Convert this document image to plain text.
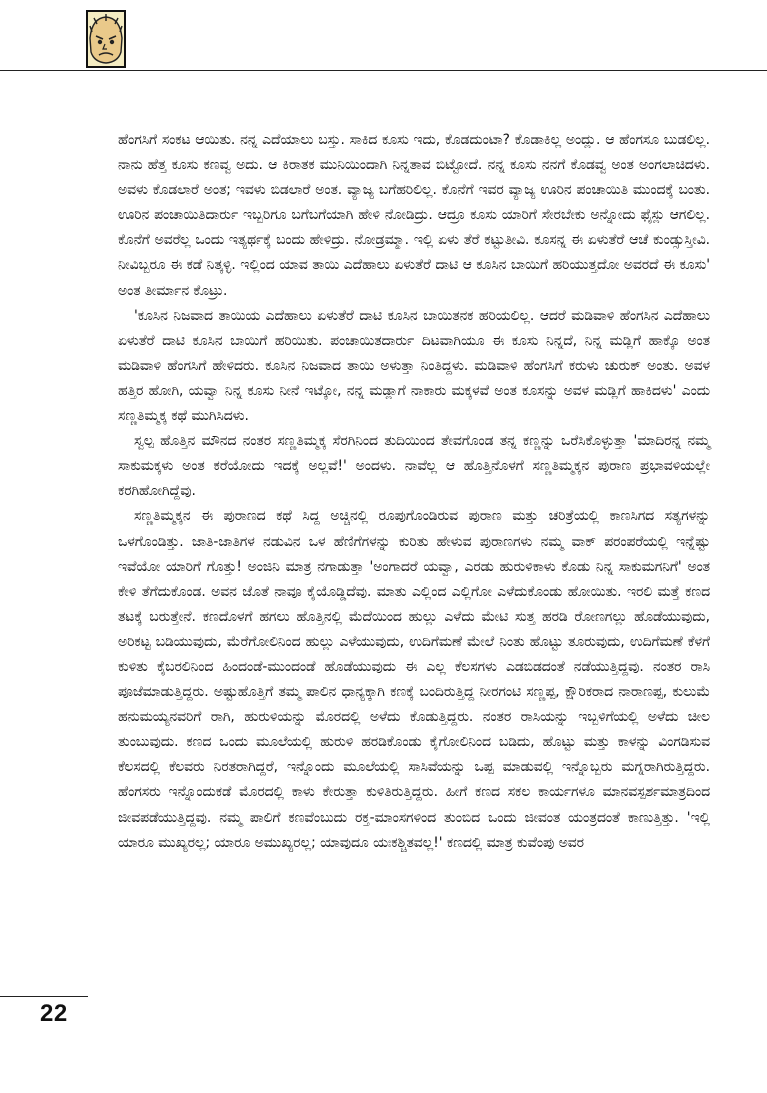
ಹೆಂಗಸಿಗೆ ಸಂಕಟ ಆಯಿತು. ನನ್ನ ಎದೆಯಾಲು ಬಸ್ತು. ಸಾಕಿದ ಕೂಸು ಇದು, ಕೊಡದುಂಟಾ? ಕೊಡಾಕಿಲ್ಲ ಅಂದ್ಲು. ಆ ಹೆಂಗಸೂ ಬುಡಲಿಲ್ಲ. ನಾನು ಹೆತ್ತ ಕೂಸು ಕಣವ್ವ ಅದು. ಆ ಕಿರಾತಕ ಮುನಿಯಿಂದಾಗಿ ನಿನ್ನತಾವ ಬಿಟ್ಟೋದೆ. ನನ್ನ ಕೂಸು ನನಗೆ ಕೊಡವ್ವ ಅಂತ ಅಂಗಲಾಚಿದಳು. ಅವಳು ಕೊಡಲಾರೆ ಅಂತ; ಇವಳು ಬಿಡಲಾರೆ ಅಂತ. ವ್ಯಾಜ್ಯ ಬಗೆಹರಿಲಿಲ್ಲ. ಕೊನೆಗೆ ಇವರ ವ್ಯಾಜ್ಯ ಊರಿನ ಪಂಚಾಯಿತಿ ಮುಂದಕ್ಕೆ ಬಂತು. ಊರಿನ ಪಂಚಾಯಿತಿದಾರ್ರು ಇಬ್ಬರಿಗೂ ಬಗೆಬಗೆಯಾಗಿ ಹೇಳಿ ನೋಡಿದ್ರು. ಆದ್ರೂ ಕೂಸು ಯಾರಿಗೆ ಸೇರಬೇಕು ಅನ್ನೋದು ಫೈಸ್ಲು ಆಗಲಿಲ್ಲ. ಕೊನೆಗೆ ಅವರೆಲ್ಲ ಒಂದು ಇತ್ಯರ್ಥಕ್ಕೆ ಬಂದು ಹೇಳಿದ್ರು. ನೋಡ್ರಮ್ಮಾ. ಇಲ್ಲಿ ಏಳು ತೆರೆ ಕಟ್ಟುತೀವಿ. ಕೂಸನ್ನ ಈ ಏಳುತೆರೆ ಆಚೆ ಕುಂಡ್ಸುಸ್ತೀವಿ. ನೀವಿಬ್ಬರೂ ಈ ಕಡೆ ನಿತ್ಕಳ್ಳಿ. ಇಲ್ಲಿಂದ ಯಾವ ತಾಯಿ ಎದೆಹಾಲು ಏಳುತೆರೆ ದಾಟಿ ಆ ಕೂಸಿನ ಬಾಯಿಗೆ ಹರಿಯುತ್ತದೋ ಅವರದೆ ಈ ಕೂಸು' ಅಂತ ತೀರ್ಮಾನ ಕೊಟ್ರು.

'ಕೂಸಿನ ನಿಜವಾದ ತಾಯಿಯ ಎದೆಹಾಲು ಏಳುತೆರೆ ದಾಟಿ ಕೂಸಿನ ಬಾಯಿತನಕ ಹರಿಯಲಿಲ್ಲ. ಆದರೆ ಮಡಿವಾಳಿ ಹೆಂಗಸಿನ ಎದೆಹಾಲು ಏಳುತೆರೆ ದಾಟಿ ಕೂಸಿನ ಬಾಯಿಗೆ ಹರಿಯಿತು. ಪಂಚಾಯಿತದಾರ್ರು ದಿಟವಾಗಿಯೂ ಈ ಕೂಸು ನಿನ್ನದೆ, ನಿನ್ನ ಮಡ್ಲಿಗೆ ಹಾಕ್ಕೊ ಅಂತ ಮಡಿವಾಳಿ ಹೆಂಗಸಿಗೆ ಹೇಳಿದರು. ಕೂಸಿನ ನಿಜವಾದ ತಾಯಿ ಅಳುತ್ತಾ ನಿಂತಿದ್ದಳು. ಮಡಿವಾಳಿ ಹೆಂಗಸಿಗೆ ಕರುಳು ಚುರುಕ್ ಅಂತು. ಅವಳ ಹತ್ತಿರ ಹೋಗಿ, ಯವ್ವಾ ನಿನ್ನ ಕೂಸು ನೀನೆ ಇಟ್ಕೋ, ನನ್ನ ಮಡ್ಲಾಗೆ ನಾಕಾರು ಮಕ್ಕಳವೆ ಅಂತ ಕೂಸನ್ನು ಅವಳ ಮಡ್ಲಿಗೆ ಹಾಕಿದಳು' ಎಂದು ಸಣ್ಣತಿಮ್ಮಕ್ಕ ಕಥೆ ಮುಗಿಸಿದಳು.

ಸ್ವಲ್ಪ ಹೊತ್ತಿನ ಮೌನದ ನಂತರ ಸಣ್ಣತಿಮ್ಮಕ್ಕ ಸೆರಗಿನಿಂದ ತುದಿಯಿಂದ ತೇವಗೊಂಡ ತನ್ನ ಕಣ್ಣನ್ನು ಒರೆಸಿಕೊಳ್ಳುತ್ತಾ 'ಮಾದಿರನ್ನ ನಮ್ಮ ಸಾಕುಮಕ್ಕಳು ಅಂತ ಕರೆಯೋದು ಇದಕ್ಕೆ ಅಲ್ಲವೆ!' ಅಂದಳು. ನಾವೆಲ್ಲ ಆ ಹೊತ್ತಿನೊಳಗೆ ಸಣ್ಣತಿಮ್ಮಕ್ಕನ ಪುರಾಣ ಪ್ರಭಾವಳಿಯಲ್ಲೇ ಕರಗಿಹೋಗಿದ್ದೆವು.

ಸಣ್ಣತಿಮ್ಮಕ್ಕನ ಈ ಪುರಾಣದ ಕಥೆ ಸಿದ್ದ ಅಚ್ಚಿನಲ್ಲಿ ರೂಪುಗೊಂಡಿರುವ ಪುರಾಣ ಮತ್ತು ಚರಿತ್ರೆಯಲ್ಲಿ ಕಾಣಸಿಗದ ಸತ್ಯಗಳನ್ನು ಒಳಗೊಂಡಿತ್ತು. ಜಾತಿ-ಜಾತಿಗಳ ನಡುವಿನ ಒಳ ಹೆಣಿಗೆಗಳನ್ನು ಕುರಿತು ಹೇಳುವ ಪುರಾಣಗಳು ನಮ್ಮ ವಾಕ್ ಪರಂಪರೆಯಲ್ಲಿ ಇನ್ನೆಷ್ಟು ಇವೆಯೋ ಯಾರಿಗೆ ಗೊತ್ತು! ಅಂಜಿನಿ ಮಾತ್ರ ನಗಾಡುತ್ತಾ 'ಅಂಗಾದರೆ ಯವ್ವಾ, ಎರಡು ಹುರುಳಿಕಾಳು ಕೊಡು ನಿನ್ನ ಸಾಕುಮಗನಿಗೆ' ಅಂತ ಕೇಳಿ ತೆಗೆದುಕೊಂಡ. ಅವನ ಜೊತೆ ನಾವೂ ಕೈಯೊಡ್ಡಿದೆವು. ಮಾತು ಎಲ್ಲಿಂದ ಎಲ್ಲಿಗೋ ಎಳೆದುಕೊಂಡು ಹೋಯಿತು. ಇರಲಿ ಮತ್ತೆ ಕಣದ ತಟಕ್ಕೆ ಬರುತ್ತೇನೆ. ಕಣದೊಳಗೆ ಹಗಲು ಹೊತ್ತಿನಲ್ಲಿ ಮೆದೆಯಿಂದ ಹುಲ್ಲು ಎಳೆದು ಮೇಟಿ ಸುತ್ತ ಹರಡಿ ರೋಣಗಲ್ಲು ಹೊಡೆಯುವುದು, ಅರಿಕಟ್ಟ ಬಡಿಯುವುದು, ಮೆರೆಗೋಲಿನಿಂದ ಹುಲ್ಲು ಎಳೆಯುವುದು, ಉದಿಗೆಮಣೆ ಮೇಲೆ ನಿಂತು ಹೊಟ್ಟು ತೂರುವುದು, ಉದಿಗೆಮಣೆ ಕೆಳಗೆ ಕುಳಿತು ಕೈಬರಲಿನಿಂದ ಹಿಂದಂಡೆ-ಮುಂದಂಡೆ ಹೊಡೆಯುವುದು ಈ ಎಲ್ಲ ಕೆಲಸಗಳು ಎಡಬಿಡದಂತೆ ನಡೆಯುತ್ತಿದ್ದವು. ನಂತರ ರಾಸಿ ಪೂಜೆಮಾಡುತ್ತಿದ್ದರು. ಅಷ್ಟುಹೊತ್ತಿಗೆ ತಮ್ಮ ಪಾಲಿನ ಧಾನ್ಯಕ್ಕಾಗಿ ಕಣಕ್ಕೆ ಬಂದಿರುತ್ತಿದ್ದ ನೀರಗಂಟಿ ಸಣ್ಣಪ್ಪ, ಕ್ಷೌರಿಕರಾದ ನಾರಾಣಪ್ಪ, ಕುಲುಮೆ ಹನುಮಯ್ಯನವರಿಗೆ ರಾಗಿ, ಹುರುಳಿಯನ್ನು ಮೊರದಲ್ಲಿ ಅಳೆದು ಕೊಡುತ್ತಿದ್ದರು. ನಂತರ ರಾಸಿಯನ್ನು ಇಬ್ಬಳಿಗೆಯಲ್ಲಿ ಅಳೆದು ಚೀಲ ತುಂಬುವುದು. ಕಣದ ಒಂದು ಮೂಲೆಯಲ್ಲಿ ಹುರುಳಿ ಹರಡಿಕೊಂಡು ಕೈಗೋಲಿನಿಂದ ಬಡಿದು, ಹೊಟ್ಟು ಮತ್ತು ಕಾಳನ್ನು ವಿಂಗಡಿಸುವ ಕೆಲಸದಲ್ಲಿ ಕೆಲವರು ನಿರತರಾಗಿದ್ದರೆ, ಇನ್ನೊಂದು ಮೂಲೆಯಲ್ಲಿ ಸಾಸಿವೆಯನ್ನು ಒಪ್ಪ ಮಾಡುವಲ್ಲಿ ಇನ್ನೊಬ್ಬರು ಮಗ್ನರಾಗಿರುತ್ತಿದ್ದರು. ಹೆಂಗಸರು ಇನ್ನೊಂದುಕಡೆ ಮೊರದಲ್ಲಿ ಕಾಳು ಕೇರುತ್ತಾ ಕುಳಿತಿರುತ್ತಿದ್ದರು. ಹೀಗೆ ಕಣದ ಸಕಲ ಕಾರ್ಯಗಳೂ ಮಾನವಸ್ಪರ್ಶಮಾತ್ರದಿಂದ ಜೀವಪಡೆಯುತ್ತಿದ್ದವು. ನಮ್ಮ ಪಾಲಿಗೆ ಕಣವೆಂಬುದು ರಕ್ತ-ಮಾಂಸಗಳಿಂದ ತುಂಬಿದ ಒಂದು ಜೀವಂತ ಯಂತ್ರದಂತೆ ಕಾಣುತ್ತಿತ್ತು. 'ಇಲ್ಲಿ ಯಾರೂ ಮುಖ್ಯರಲ್ಲ; ಯಾರೂ ಅಮುಖ್ಯರಲ್ಲ; ಯಾವುದೂ ಯಃಕಶ್ಚಿತವಲ್ಲ!' ಕಣದಲ್ಲಿ ಮಾತ್ರ ಕುವೆಂಪು ಅವರ

22
